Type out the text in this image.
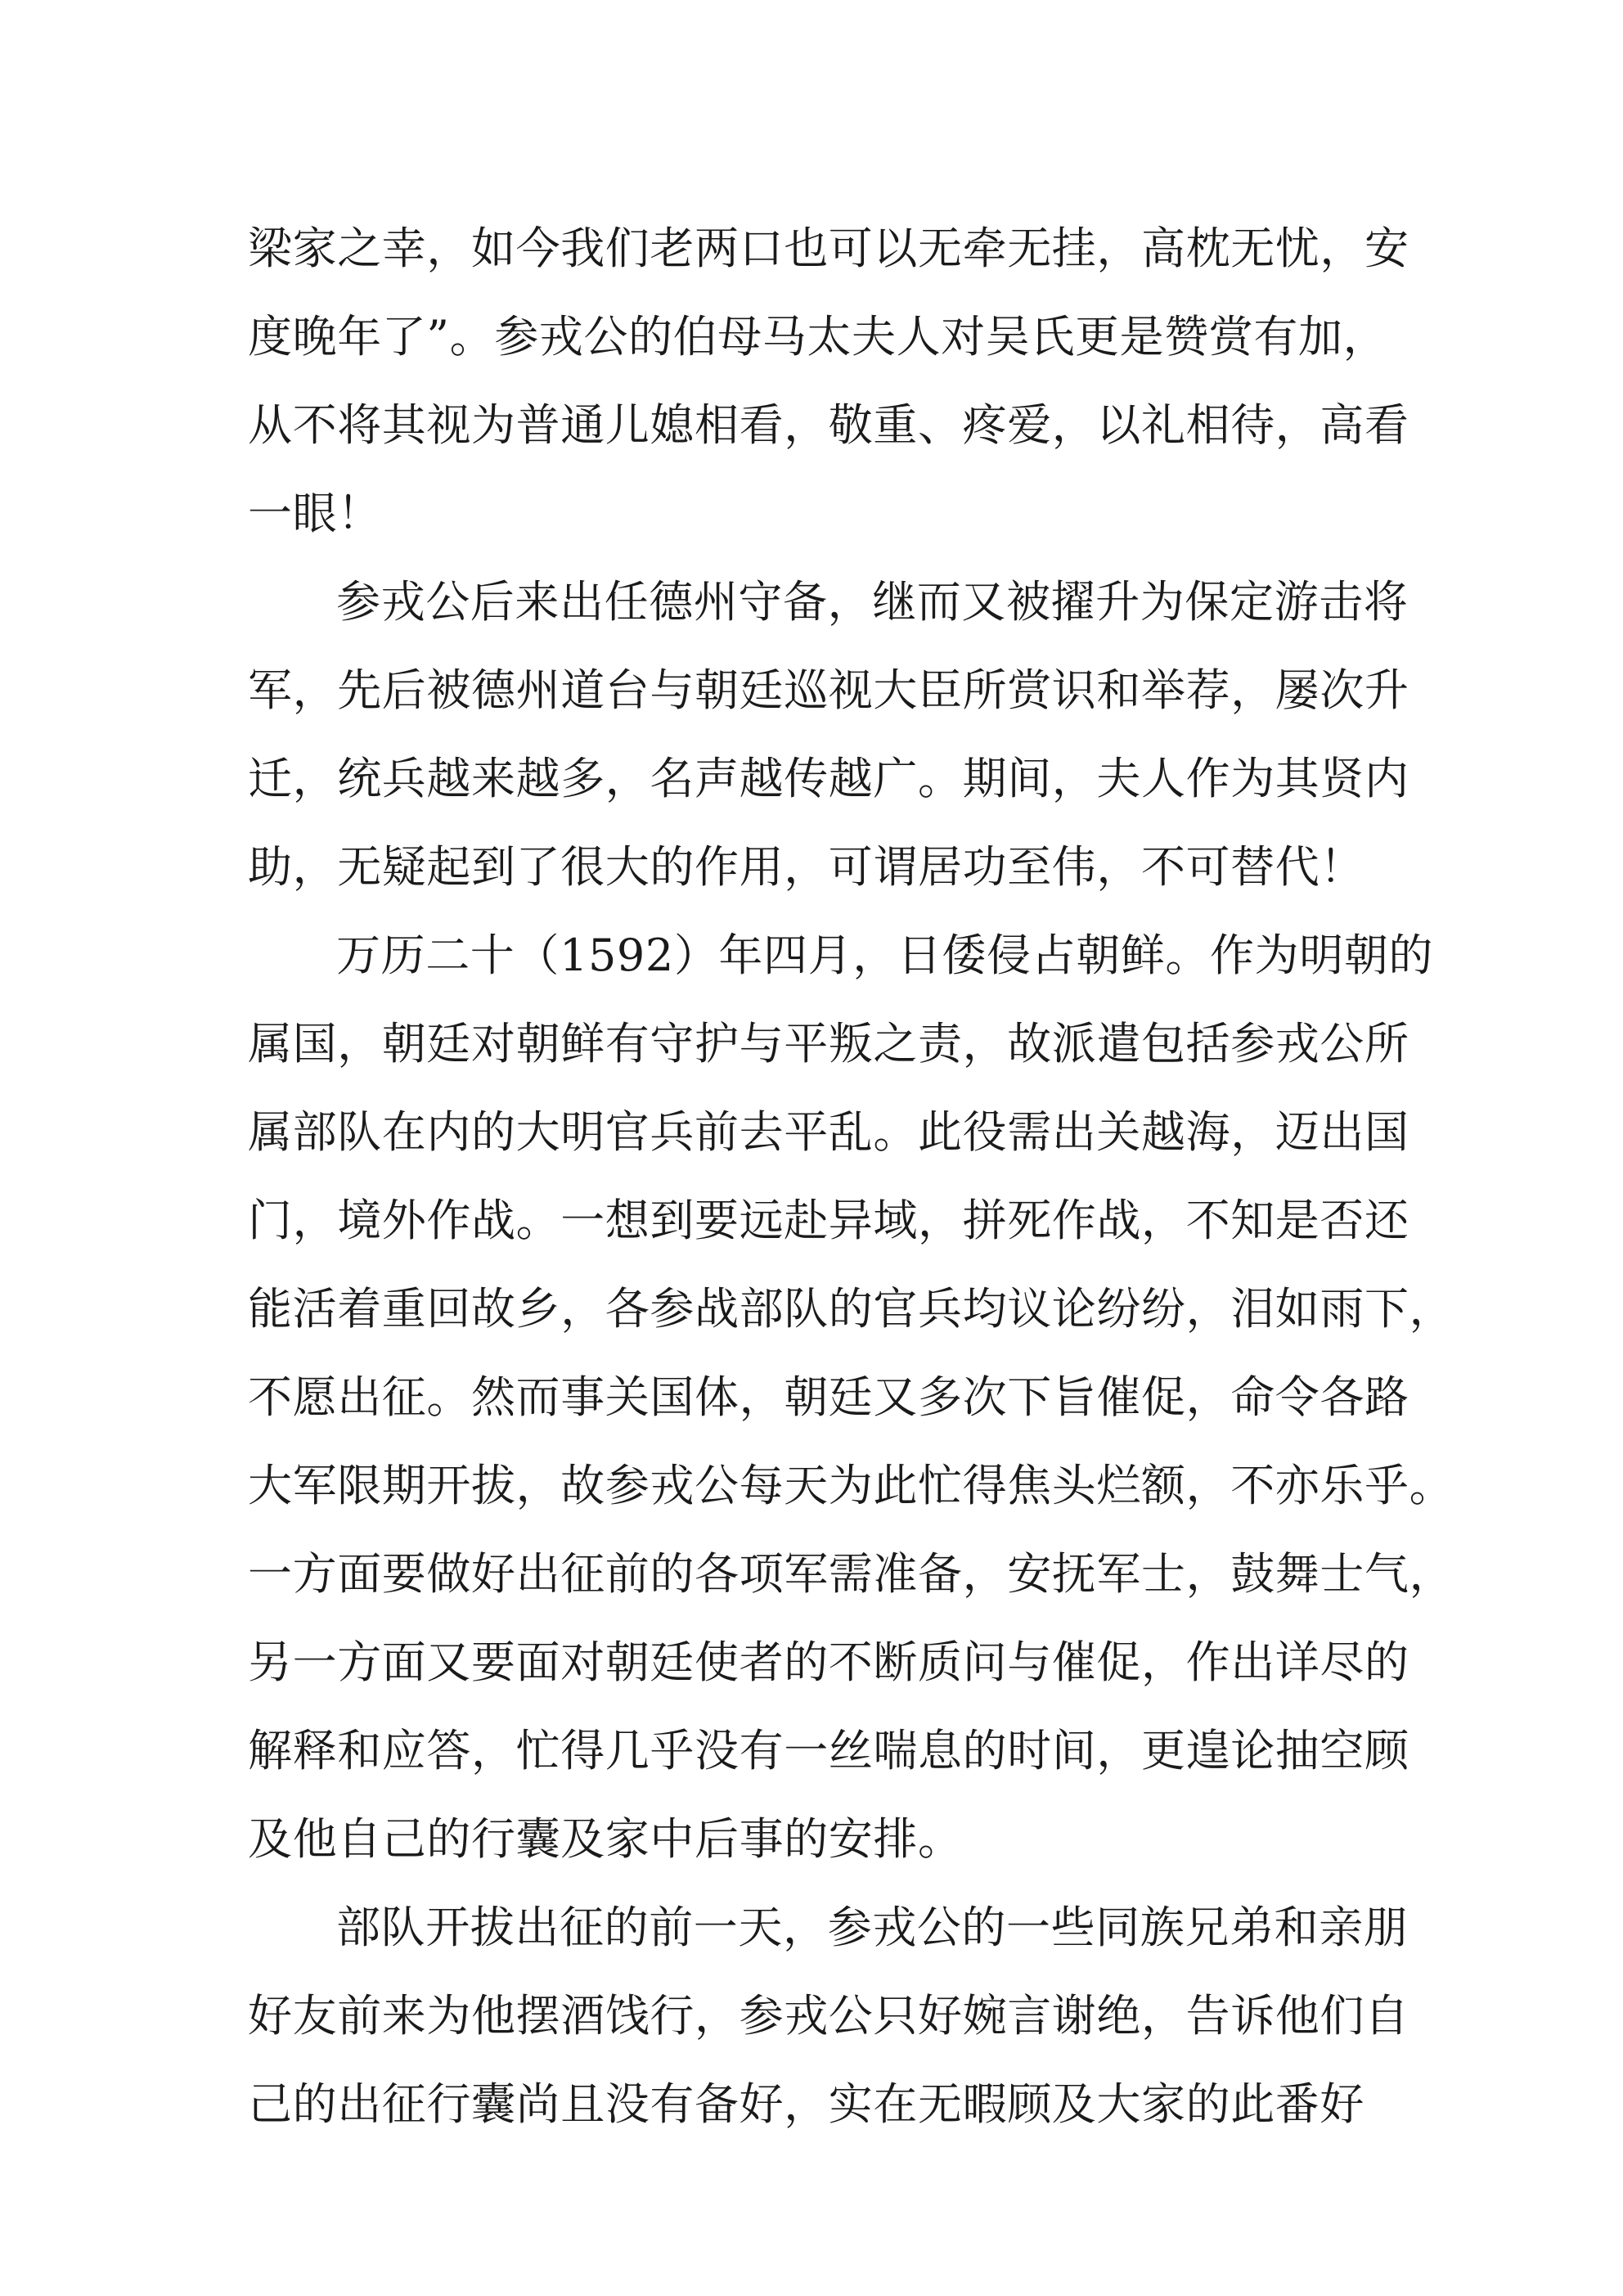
梁家之幸，如今我们老两口也可以无牵无挂，高枕无忧，安
度晚年了”。参戎公的伯母马太夫人对吴氏更是赞赏有加，
从不将其视为普通儿媳相看，敬重、疼爱，以礼相待，高看
一眼！
参戎公后来出任德州守备，继而又被擢升为保定游击将
军，先后被德州道台与朝廷巡视大臣所赏识和举荐，屡次升
迁，统兵越来越多，名声越传越广。期间，夫人作为其贤内
助，无疑起到了很大的作用，可谓居功至伟，不可替代！
万历二十（1592）年四月，日倭侵占朝鲜。作为明朝的
属国，朝廷对朝鲜有守护与平叛之责，故派遣包括参戎公所
属部队在内的大明官兵前去平乱。此役需出关越海，迈出国
门，境外作战。一想到要远赴异域，拼死作战，不知是否还
能活着重回故乡，各参战部队的官兵均议论纷纷，泪如雨下，
不愿出征。然而事关国体，朝廷又多次下旨催促，命令各路
大军限期开拔，故参戎公每天为此忙得焦头烂额，不亦乐乎。
一方面要做好出征前的各项军需准备，安抚军士，鼓舞士气，
另一方面又要面对朝廷使者的不断质问与催促，作出详尽的
解释和应答，忙得几乎没有一丝喘息的时间，更遑论抽空顾
及他自己的行囊及家中后事的安排。
部队开拔出征的前一天，参戎公的一些同族兄弟和亲朋
好友前来为他摆酒饯行，参戎公只好婉言谢绝，告诉他们自
己的出征行囊尚且没有备好，实在无暇顾及大家的此番好
